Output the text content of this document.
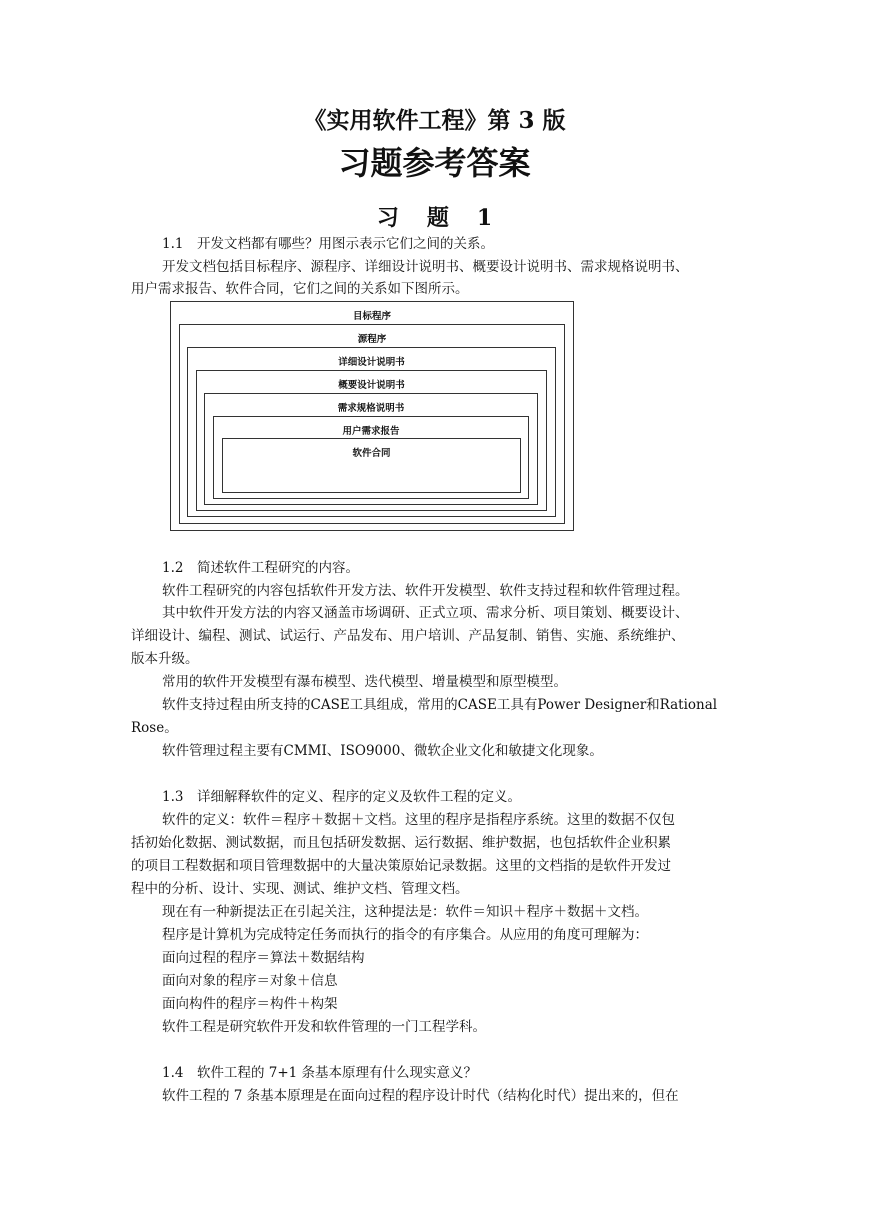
《实用软件工程》第 3 版
习题参考答案
习 题 1
1.1　开发文档都有哪些？用图示表示它们之间的关系。
开发文档包括目标程序、源程序、详细设计说明书、概要设计说明书、需求规格说明书、
用户需求报告、软件合同，它们之间的关系如下图所示。
目标程序
源程序
详细设计说明书
概要设计说明书
需求规格说明书
用户需求报告
软件合同
1.2　简述软件工程研究的内容。
软件工程研究的内容包括软件开发方法、软件开发模型、软件支持过程和软件管理过程。
其中软件开发方法的内容又涵盖市场调研、正式立项、需求分析、项目策划、概要设计、
详细设计、编程、测试、试运行、产品发布、用户培训、产品复制、销售、实施、系统维护、
版本升级。
常用的软件开发模型有瀑布模型、迭代模型、增量模型和原型模型。
软件支持过程由所支持的CASE工具组成，常用的CASE工具有Power Designer和Rational
Rose。
软件管理过程主要有CMMI、ISO9000、微软企业文化和敏捷文化现象。
1.3　详细解释软件的定义、程序的定义及软件工程的定义。
软件的定义：软件＝程序＋数据＋文档。这里的程序是指程序系统。这里的数据不仅包
括初始化数据、测试数据，而且包括研发数据、运行数据、维护数据，也包括软件企业积累
的项目工程数据和项目管理数据中的大量决策原始记录数据。这里的文档指的是软件开发过
程中的分析、设计、实现、测试、维护文档、管理文档。
现在有一种新提法正在引起关注，这种提法是：软件＝知识＋程序＋数据＋文档。
程序是计算机为完成特定任务而执行的指令的有序集合。从应用的角度可理解为：
面向过程的程序＝算法＋数据结构
面向对象的程序＝对象＋信息
面向构件的程序＝构件＋构架
软件工程是研究软件开发和软件管理的一门工程学科。
1.4　软件工程的 7+1 条基本原理有什么现实意义？
软件工程的 7 条基本原理是在面向过程的程序设计时代（结构化时代）提出来的，但在
